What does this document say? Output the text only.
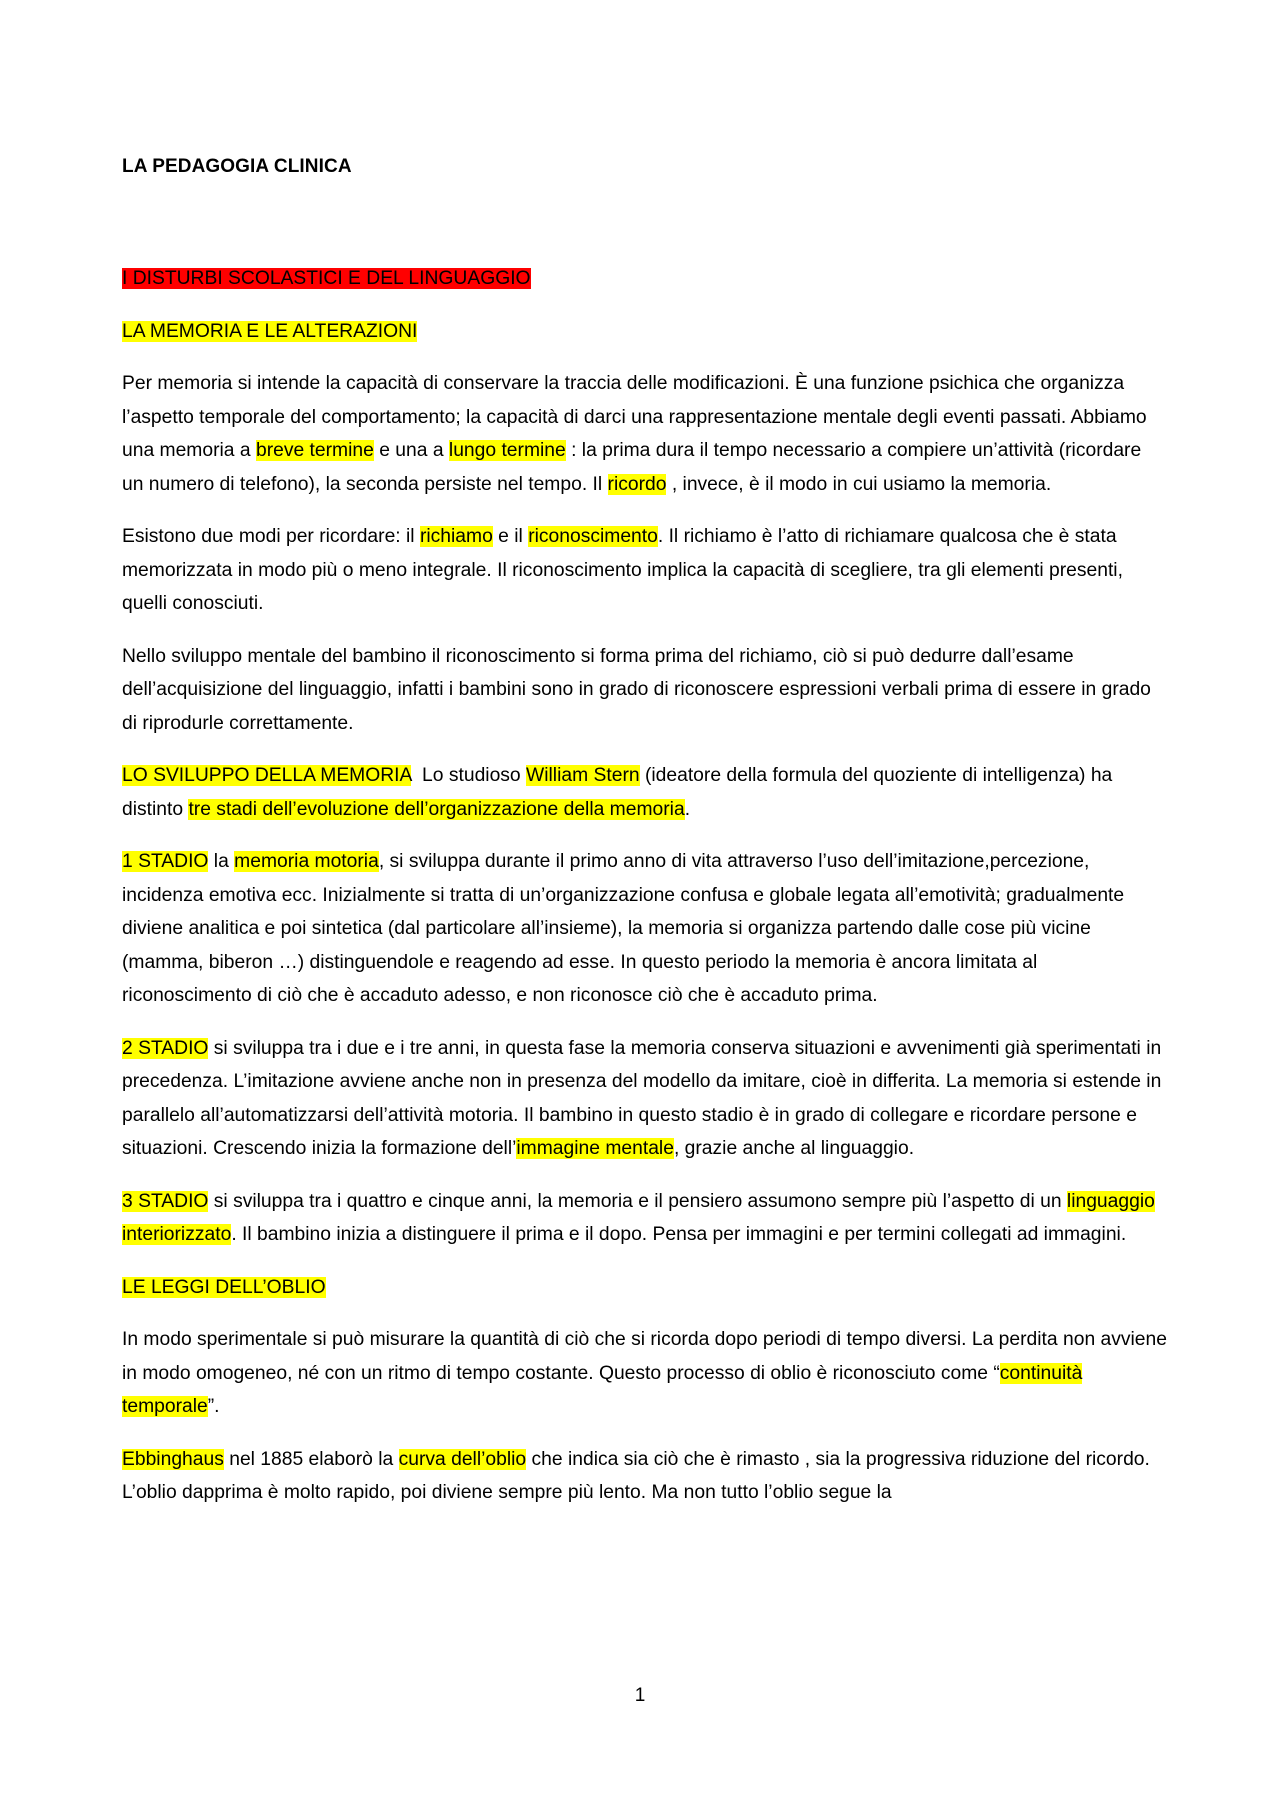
LA PEDAGOGIA CLINICA

I DISTURBI SCOLASTICI E DEL LINGUAGGIO

LA MEMORIA E LE ALTERAZIONI

Per memoria si intende la capacità di conservare la traccia delle modificazioni. È una funzione psichica che organizza l’aspetto temporale del comportamento; la capacità di darci una rappresentazione mentale degli eventi passati. Abbiamo una memoria a breve termine e una a lungo termine : la prima dura il tempo necessario a compiere un’attività (ricordare un numero di telefono), la seconda persiste nel tempo. Il ricordo , invece, è il modo in cui usiamo la memoria.

Esistono due modi per ricordare: il richiamo e il riconoscimento. Il richiamo è l’atto di richiamare qualcosa che è stata memorizzata in modo più o meno integrale. Il riconoscimento implica la capacità di scegliere, tra gli elementi presenti, quelli conosciuti.

Nello sviluppo mentale del bambino il riconoscimento si forma prima del richiamo, ciò si può dedurre dall’esame dell’acquisizione del linguaggio, infatti i bambini sono in grado di riconoscere espressioni verbali prima di essere in grado di riprodurle correttamente.

LO SVILUPPO DELLA MEMORIA  Lo studioso William Stern (ideatore della formula del quoziente di intelligenza) ha distinto tre stadi dell’evoluzione dell’organizzazione della memoria.

1 STADIO la memoria motoria, si sviluppa durante il primo anno di vita attraverso l’uso dell’imitazione,percezione, incidenza emotiva ecc. Inizialmente si tratta di un’organizzazione confusa e globale legata all’emotività; gradualmente diviene analitica e poi sintetica (dal particolare all’insieme), la memoria si organizza partendo dalle cose più vicine (mamma, biberon …) distinguendole e reagendo ad esse. In questo periodo la memoria è ancora limitata al riconoscimento di ciò che è accaduto adesso, e non riconosce ciò che è accaduto prima.

2 STADIO si sviluppa tra i due e i tre anni, in questa fase la memoria conserva situazioni e avvenimenti già sperimentati in precedenza. L’imitazione avviene anche non in presenza del modello da imitare, cioè in differita. La memoria si estende in parallelo all’automatizzarsi dell’attività motoria. Il bambino in questo stadio è in grado di collegare e ricordare persone e situazioni. Crescendo inizia la formazione dell’immagine mentale, grazie anche al linguaggio.

3 STADIO si sviluppa tra i quattro e cinque anni, la memoria e il pensiero assumono sempre più l’aspetto di un linguaggio interiorizzato. Il bambino inizia a distinguere il prima e il dopo. Pensa per immagini e per termini collegati ad immagini.

LE LEGGI DELL’OBLIO

In modo sperimentale si può misurare la quantità di ciò che si ricorda dopo periodi di tempo diversi. La perdita non avviene in modo omogeneo, né con un ritmo di tempo costante. Questo processo di oblio è riconosciuto come “continuità temporale”.

Ebbinghaus nel 1885 elaborò la curva dell’oblio che indica sia ciò che è rimasto , sia la progressiva riduzione del ricordo. L’oblio dapprima è molto rapido, poi diviene sempre più lento. Ma non tutto l’oblio segue la

1
